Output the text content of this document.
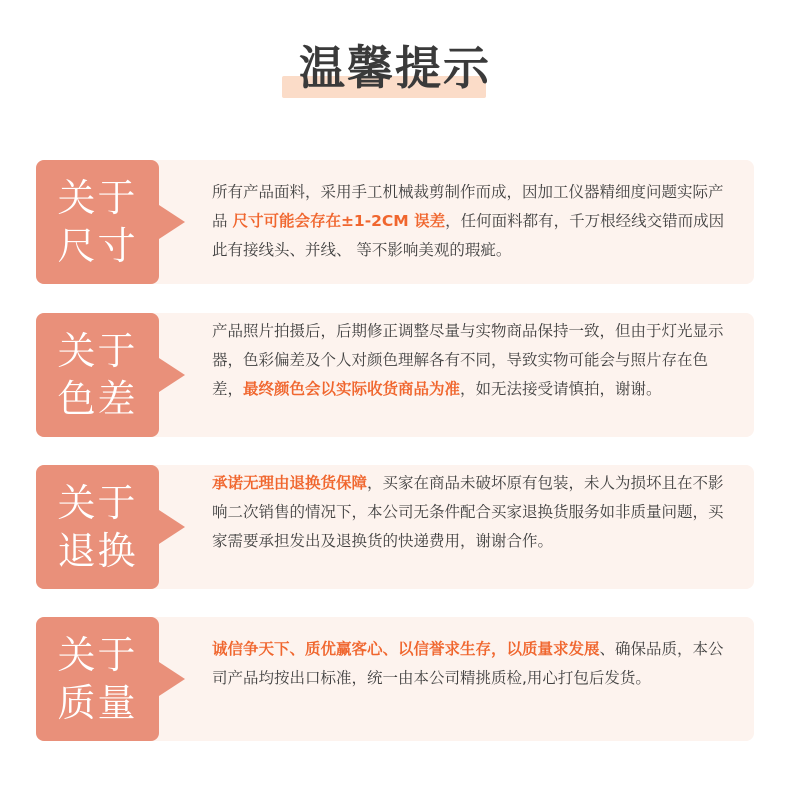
温馨提示
关于尺寸

所有产品面料，采用手工机械裁剪制作而成，因加工仪器精细度问题实际产品 尺寸可能会存在±1-2CM 误差，任何面料都有，千万根经线交错而成因此有接线头、并线、 等不影响美观的瑕疵。

关于色差

产品照片拍摄后，后期修正调整尽量与实物商品保持一致，但由于灯光显示器，色彩偏差及个人对颜色理解各有不同，导致实物可能会与照片存在色差，最终颜色会以实际收货商品为准，如无法接受请慎拍，谢谢。

关于退换

承诺无理由退换货保障，买家在商品未破坏原有包装，未人为损坏且在不影响二次销售的情况下，本公司无条件配合买家退换货服务如非质量问题，买家需要承担发出及退换货的快递费用，谢谢合作。

关于质量

诚信争天下、质优赢客心、以信誉求生存，以质量求发展、确保品质，本公司产品均按出口标准，统一由本公司精挑质检,用心打包后发货。
